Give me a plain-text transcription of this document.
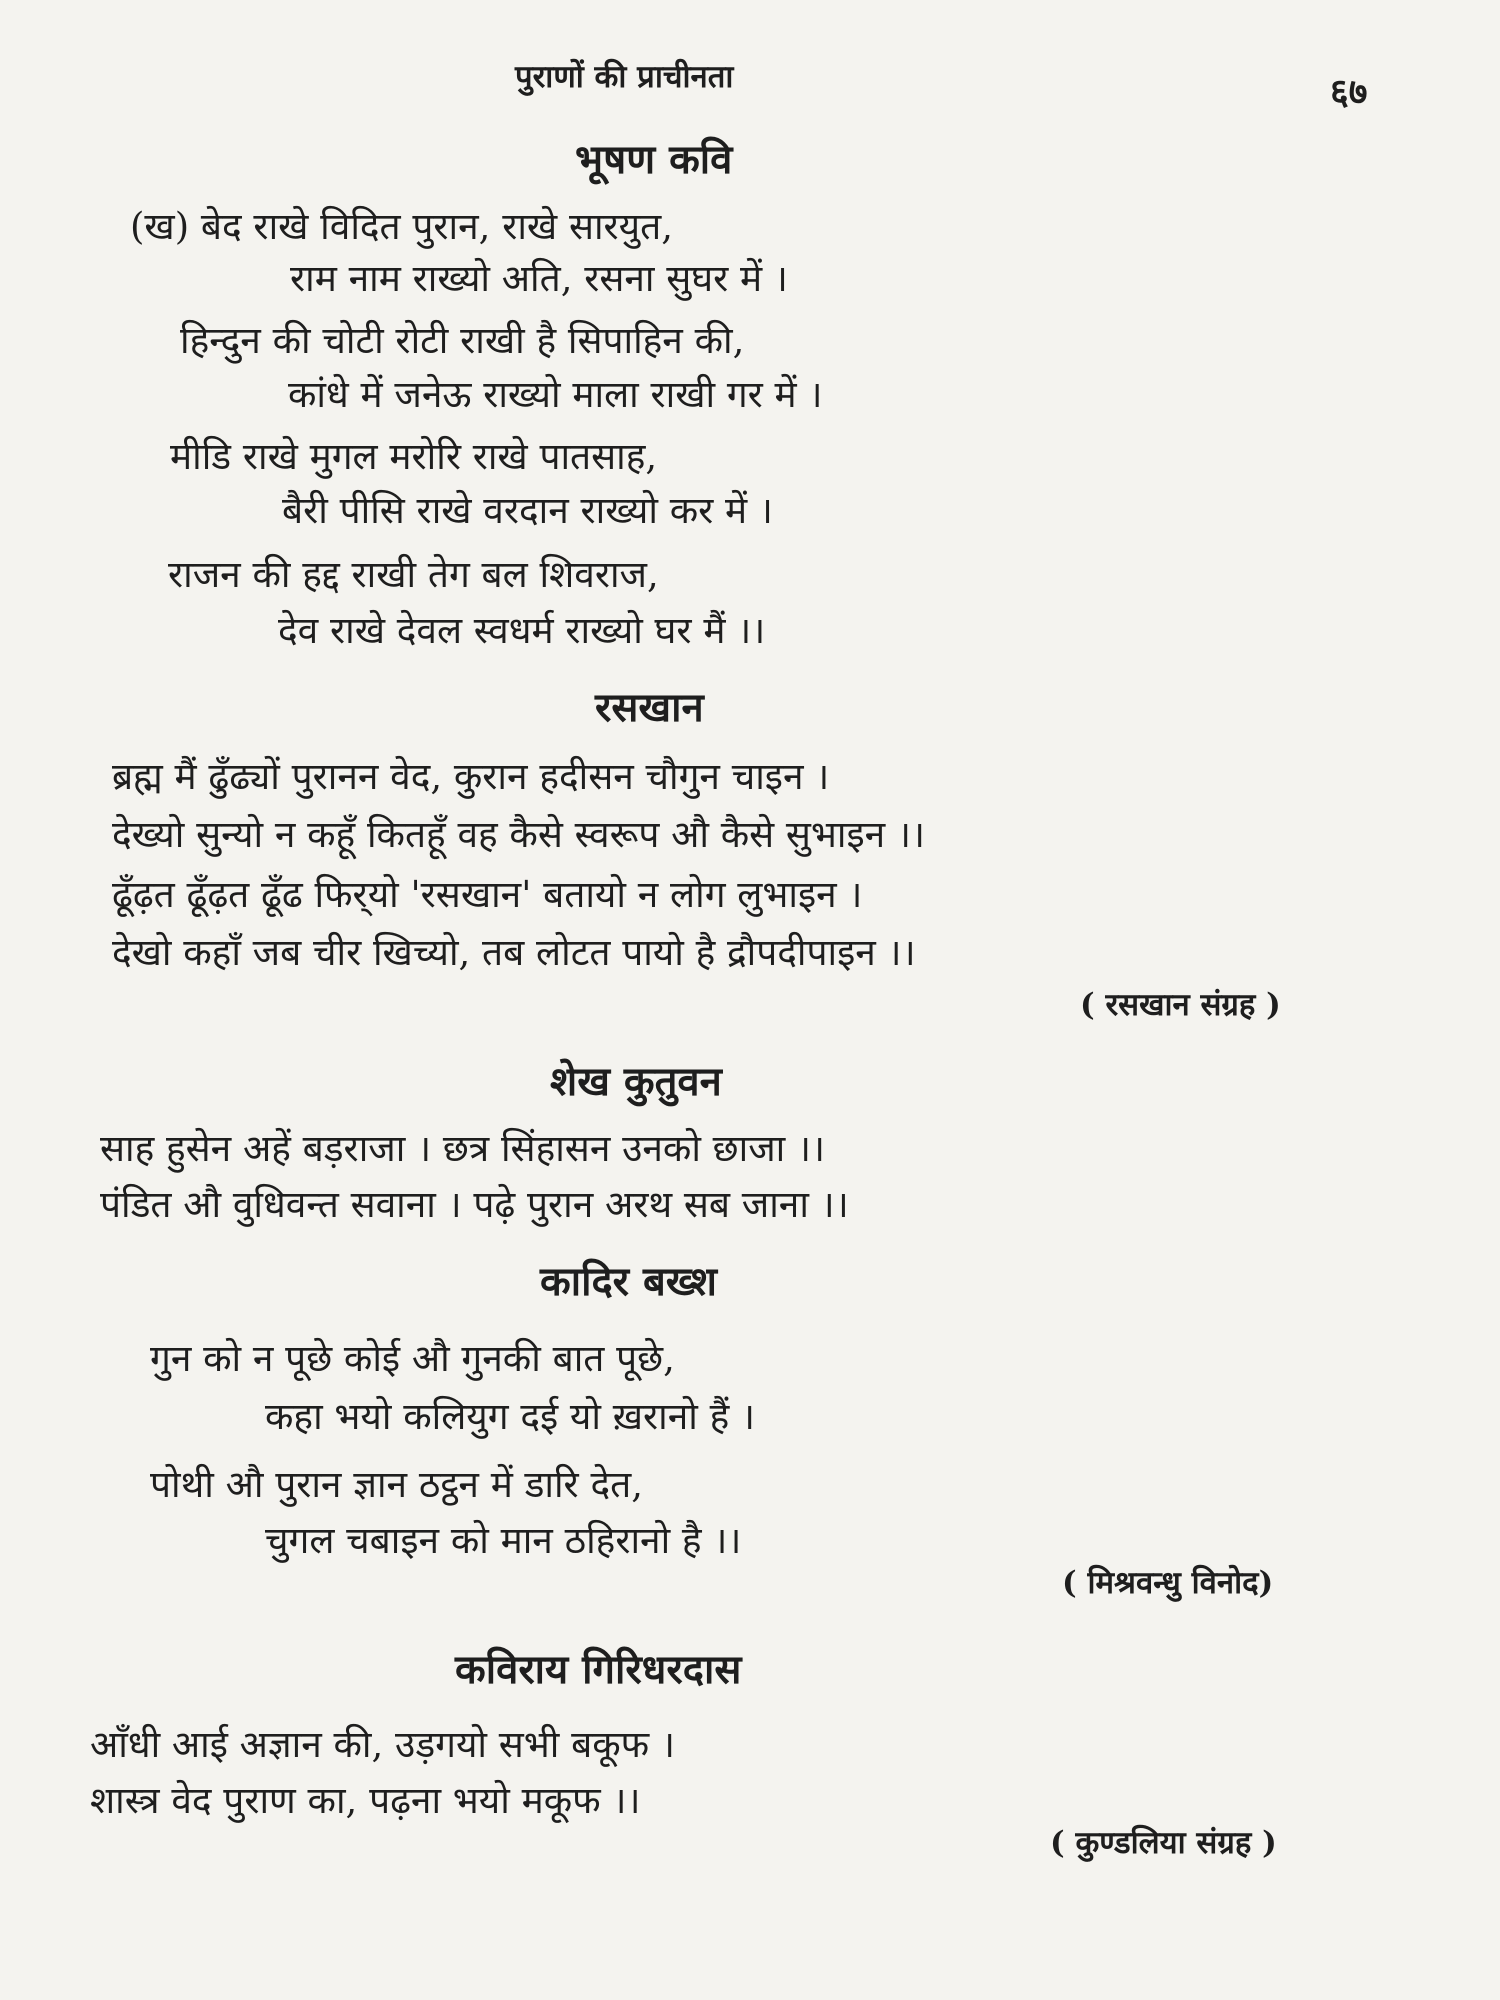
पुराणों की प्राचीनता	६७
भूषण कवि
(ख) बेद राखे विदित पुरान, राखे सारयुत,
राम नाम राख्यो अति, रसना सुघर में ।
हिन्दुन की चोटी रोटी राखी है सिपाहिन की,
कांधे में जनेऊ राख्यो माला राखी गर में ।
मीडि राखे मुगल मरोरि राखे पातसाह,
बैरी पीसि राखे वरदान राख्यो कर में ।
राजन की हद्द राखी तेग बल शिवराज,
देव राखे देवल स्वधर्म राख्यो घर मैं ।।
रसखान
ब्रह्म मैं ढुँढ्यों पुरानन वेद, कुरान हदीसन चौगुन चाइन ।
देख्यो सुन्यो न कहूँ कितहूँ वह कैसे स्वरूप औ कैसे सुभाइन ।।
ढूँढ़त ढूँढ़त ढूँढ फिर्‌यो 'रसखान' बतायो न लोग लुभाइन ।
देखो कहाँ जब चीर खिच्यो, तब लोटत पायो है द्रौपदीपाइन ।।
( रसखान संग्रह )
शेख कुतुवन
साह हुसेन अहें बड़राजा । छत्र सिंहासन उनको छाजा ।।
पंडित औ वुधिवन्त सवाना । पढ़े पुरान अरथ सब जाना ।।
कादिर बख्श
गुन को न पूछे कोई औ गुनकी बात पूछे,
कहा भयो कलियुग दई यो ख़रानो हैं ।
पोथी औ पुरान ज्ञान ठट्ठन में डारि देत,
चुगल चबाइन को मान ठहिरानो है ।।
( मिश्रवन्धु विनोद)
कविराय गिरिधरदास
आँधी आई अज्ञान की, उड़गयो सभी बकूफ ।
शास्त्र वेद पुराण का, पढ़ना भयो मकूफ ।।
( कुण्डलिया संग्रह )
